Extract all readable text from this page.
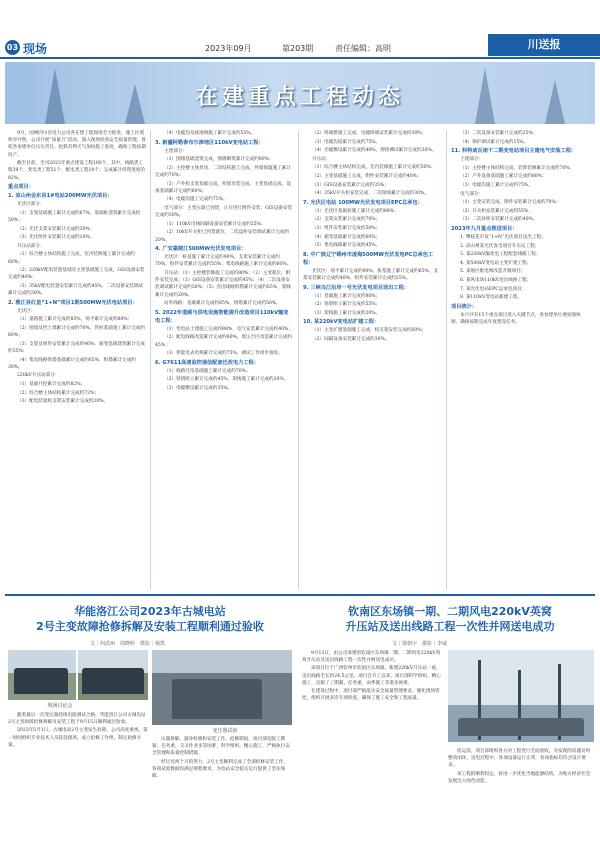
03 现场	2023年09月	第203期	责任编辑：高明	川送报
在建重点工程动态

9月，国网四川省电力公司各在建工程现场全力推进，施工区域秩序井然。公司开展“质量月”活动，深入现场检查安全质量管理，督促各参建单位压实责任，抢抓有利天气加快施工进度，确保工程按期投产。

截至目前，全司2023年重点建设工程100个，其中，线路类工程39个、变电类工程51个、配电类工程10个。完成累计投资进度的82%。

重点项目：
1. 凉山州会东县1#电站200MW光伏项目：

光伏区部分：

（1）支架基础施工累计完成约67%，基础桩浇筑累计完成约50%；

（2）光伏支架安装累计完成约30%；

（3）光伏组件安装累计完成约10%。

升压站部分：

（1）综合楼主体结构施工完成，室内装修施工累计完成约60%；

（2）220kV配电装置基础及主变基础施工完成，GIS设备安装完成约40%；

（3）35kV配电装置安装累计完成约45%，二次设备安装调试累计完成约30%。

2. 雅江县红星“1+N”项目1期500MW光伏电站项目：

光伏区：

（1）道路施工累计完成约85%，场平累计完成约80%；

（2）围墙及挡土墙累计完成约70%，管桩基础施工累计完成约60%；

（3）支架及组件安装累计完成约40%，箱变基础浇筑累计完成约35%；

（4）集电线路铁塔基础累计完成约65%，组塔累计完成约30%。

220kV升压站部分：

（1）基础开挖累计完成约82%；

（2）综合楼主体结构累计完成约72%；

（3）配电装置构支架安装累计完成约20%。

（4）电缆沟及接地网施工累计完成约55%。

3. 新疆阿勒泰布尔津地区110kV变电站工程：

主建部分：

（1）围墙基础浇筑完成，围墙砌筑累计完成约90%；

（2）主控楼主体封顶，二次结构施工完成，外墙保温施工累计完成约70%；

（3）户外构支架基础完成，构架吊装完成，主变基础完成，设备基础累计完成约60%；

（4）电缆沟施工完成约75%。

电气部分：主变压器已到货，正在进行附件安装；GIS设备安装完成约30%。

（1）110kV出线间隔设备安装累计完成约25%；

（2）10kV开关柜已到货就位，二次盘柜安装调试累计完成约20%。

4. 广安嘉陵江500MW光伏发电项目：

光伏区：桩基施工累计完成约90%，支架安装累计完成约70%，组件安装累计完成约55%；集电线路施工累计完成约60%。

升压站：（1）主控楼装修施工完成约80%；（2）主变就位，附件安装完成；（3）GIS设备安装累计完成约45%；（4）二次设备安装调试累计完成约30%；（5）送出线路组塔累计完成约65%，架线累计完成约20%。

站外线路：基础累计完成约85%，组塔累计完成约50%。

5. 2022年道路与供电设施智能提升改造项目110kV输变电工程：

（1）变电站土建施工完成约88%，电气安装累计完成约40%；

（2）配电线路改造累计完成约60%，低压台区改造累计完成约45%；

（3）智能电表更换累计完成约75%，调试工作同步推进。

6. G7611高速监控通信配套迁改电力工程：

（1）线路迁改基础施工累计完成约70%；

（2）铁塔组立累计完成约45%，架线施工累计完成约20%；

（3）电缆敷设累计完成约35%。

（2）终端塔施工完成，电缆终端安装累计完成约30%；

（3）电缆沟道累计完成约75%。

（4）光缆敷设累计完成约40%，熔接测试累计完成约20%。

升压站：

（1）综合楼主体结构完成，室内装修施工累计完成约50%；

（2）主变基础施工完成，附件安装累计完成约40%；

（3）GIS设备安装累计完成约35%；

（4）35kV开关柜安装完成，二次接线累计完成约30%。

7. 光伏区电站 100MW光伏发电项目EPC总承包：

（1）光伏区基础桩施工累计完成约88%；

（2）支架安装累计完成约70%；

（3）组件安装累计完成约50%；

（4）箱变基础累计完成约60%；

（5）集电线路累计完成约45%。

8. 中广核辽宁锦州市凌海500MW光伏发电PC总承包工程：

光伏区：场平累计完成约90%，桩基施工累计完成约65%，支架安装累计完成约40%，组件安装累计完成约25%。

9. 三峡乌江沿岸一号光伏发电项目送出工程：

（1）基础施工累计完成约80%；

（2）铁塔组立累计完成约55%；

（3）架线施工累计完成约20%。

10. 某220kV变电站扩建工程：

（1）主变扩建基础施工完成，构支架安装完成约60%；

（2）间隔设备安装累计完成约30%。

（3）二次设备安装累计完成约25%；

（4）保护调试累计完成约15%。

11. 科特迪瓦南干二期变电站项目主建电气安装工程：

土建部分：

（1）主控楼主体结构完成，装饰装修累计完成约70%；

（2）户外设备基础施工累计完成约80%；

（3）电缆沟施工累计完成约75%。

电气部分：

（1）主变安装完成，附件安装累计完成约70%；

（2）开关柜安装累计完成约55%；

（3）二次屏柜安装累计完成约40%。

2023年九月重点推进项目：

1. 攀枝花市某“1+N”光伏项目送出工程；

2. 凉山州某光伏发电项目升压站工程；

3. 某220kV输变电工程配套线路工程；

4. 某500kV变电站主变扩建工程；

5. 某地区配电网改造升级项目；

6. 某风电场110kV送出线路工程；

7. 某光伏电站EPC总承包项目；

8. 某110kV变电站新建工程。

项目统计：

本月共有15个重点项目进入关键节点，各参建单位要加强协调，确保按期完成年度建设任务。

华能洛江公司2023年古城电站
2号主变故障抢修拆解及安装工程顺利通过验收
文｜何武州　周晓婷　摄影｜杨凯
现场讨论会
变压器试验

随着最后一次变压器绕组电阻测试合格，华能洛江公司古城电站2号主变故障抢修拆解及安装工程于9月15日顺利通过验收。

2023年5月1日，古城电站2号主变发生故障，公司高度重视，第一时间组织专业技术人员赶赴现场，成立抢修工作组，制定抢修方案。

压器拆解、器身检修和安装工作。抢修期间，项目部克服工期紧、任务重、交叉作业多等困难，科学组织，精心施工，严格执行安全管理和质量控制措施。

经过近两个月的努力，2号主变顺利完成了全部检修安装工作，各项试验数据均满足规程要求，为电站安全稳定运行提供了坚实保障。

钦南区东场镇一期、二期风电220kV英窝
升压站及送出线路工程一次性并网送电成功
文｜梁朝宇　摄影｜李威

9月13日，由公司承建的钦南区东场镇一期、二期风电220kV英窝升压站及送出线路工程一次性并网送电成功。

该项目位于广西钦州市钦南区东场镇，新建220kV升压站一座，送出线路全长约24.5公里。项目自开工以来，项目部科学组织、精心施工，克服了工期紧、任务重、雨季施工等诸多困难。

在建设过程中，项目部严格落实安全质量管理要求，强化现场管控，组织开展多次专项检查，确保了施工安全和工程质量。

投运前，项目部组织各方对工程进行全面验收，对发现的问题及时整改闭环。送电过程中，各项设备运行正常，各项指标均符合设计要求。

该工程的顺利投运，将进一步优化当地能源结构，为地方经济社会发展注入绿色动能。
